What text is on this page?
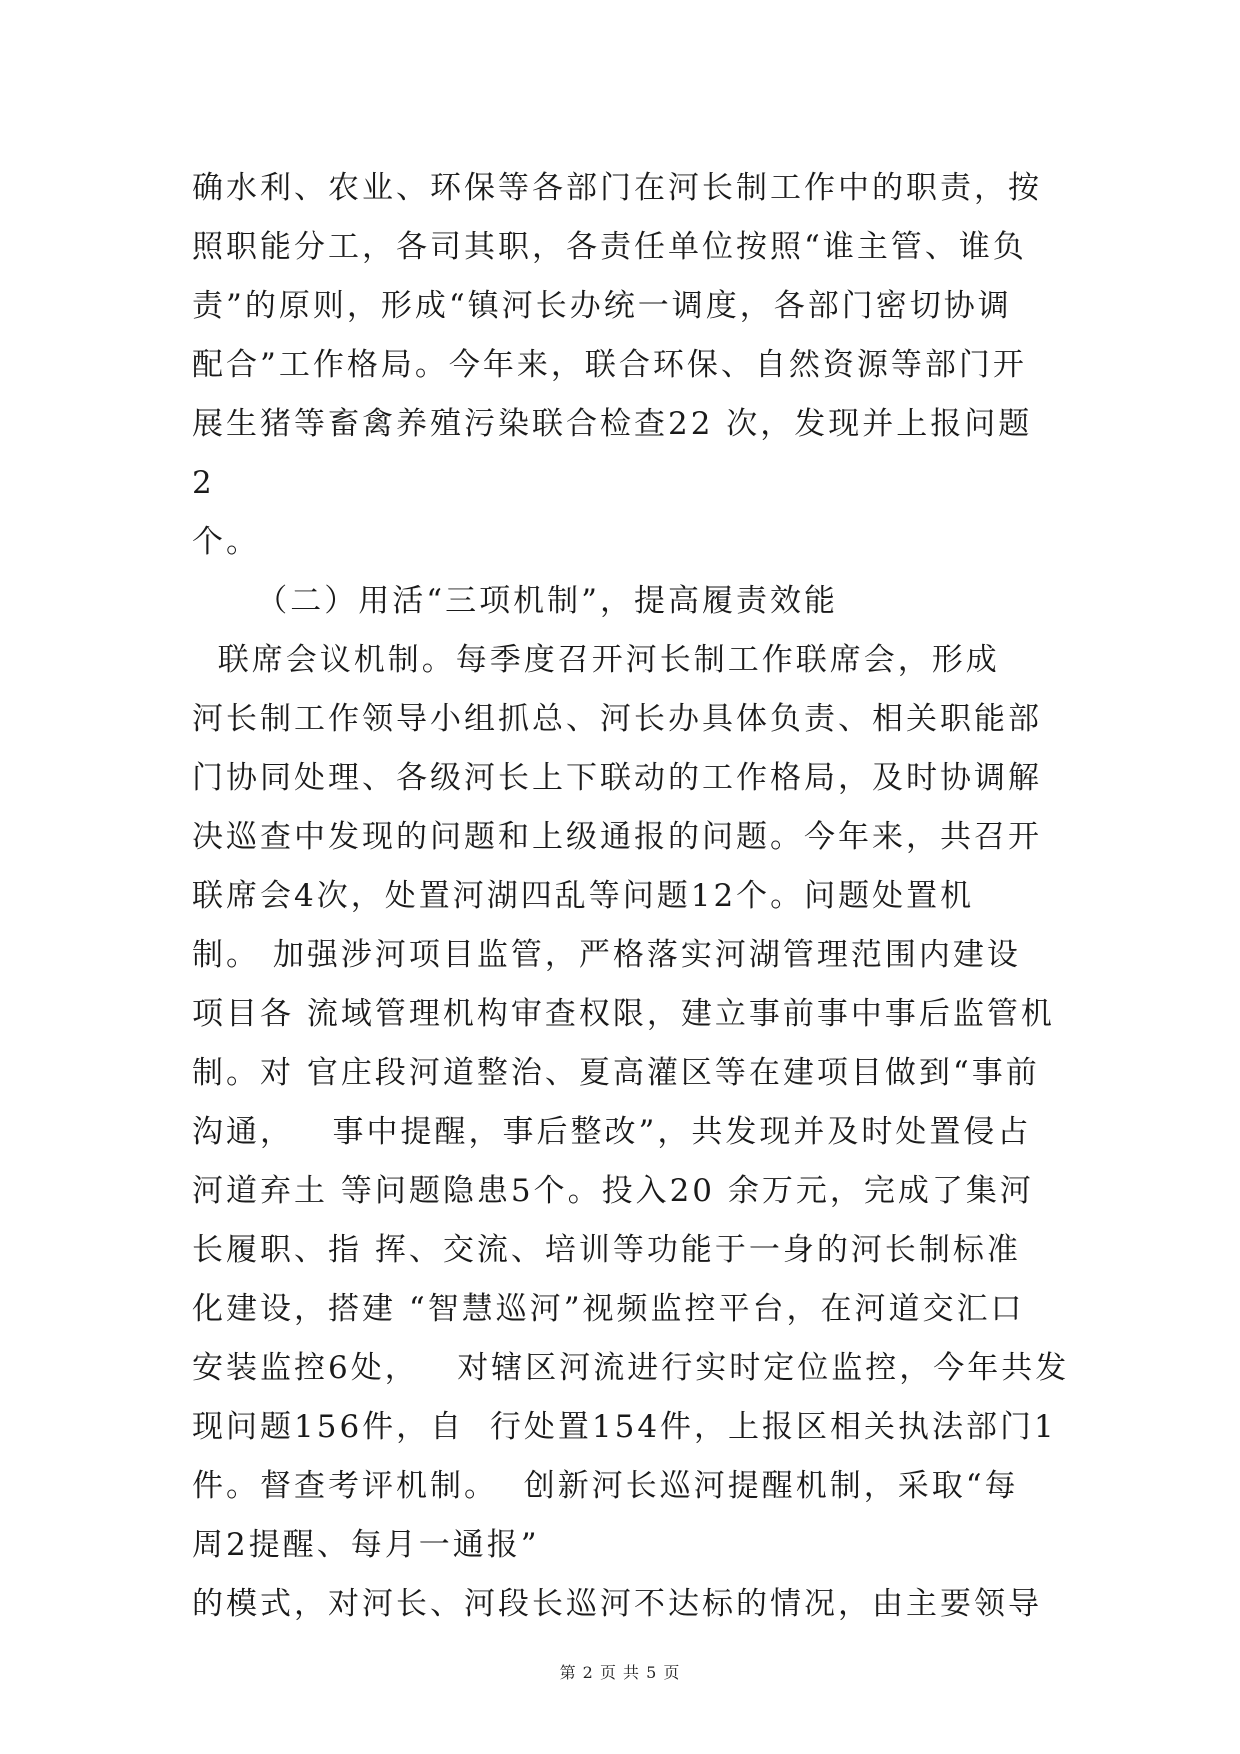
确水利、农业、环保等各部门在河长制工作中的职责，按
照职能分工，各司其职，各责任单位按照“谁主管、谁负
责”的原则，形成“镇河长办统一调度，各部门密切协调
配合”工作格局。今年来，联合环保、自然资源等部门开
展生猪等畜禽养殖污染联合检查22 次，发现并上报问题
2
个。
（二）用活“三项机制”，提高履责效能
联席会议机制。每季度召开河长制工作联席会，形成
河长制工作领导小组抓总、河长办具体负责、相关职能部
门协同处理、各级河长上下联动的工作格局，及时协调解
决巡查中发现的问题和上级通报的问题。今年来，共召开
联席会4次，处置河湖四乱等问题12个。问题处置机
制。 加强涉河项目监管，严格落实河湖管理范围内建设
项目各 流域管理机构审查权限，建立事前事中事后监管机
制。对 官庄段河道整治、夏高灌区等在建项目做到“事前
沟通，   事中提醒，事后整改”，共发现并及时处置侵占
河道弃土 等问题隐患5个。投入20 余万元，完成了集河
长履职、指 挥、交流、培训等功能于一身的河长制标准
化建设，搭建 “智慧巡河”视频监控平台，在河道交汇口
安装监控6处，   对辖区河流进行实时定位监控，今年共发
现问题156件，自  行处置154件，上报区相关执法部门1
件。督查考评机制。  创新河长巡河提醒机制，采取“每
周2提醒、每月一通报”
的模式，对河长、河段长巡河不达标的情况，由主要领导
第 2 页 共 5 页
